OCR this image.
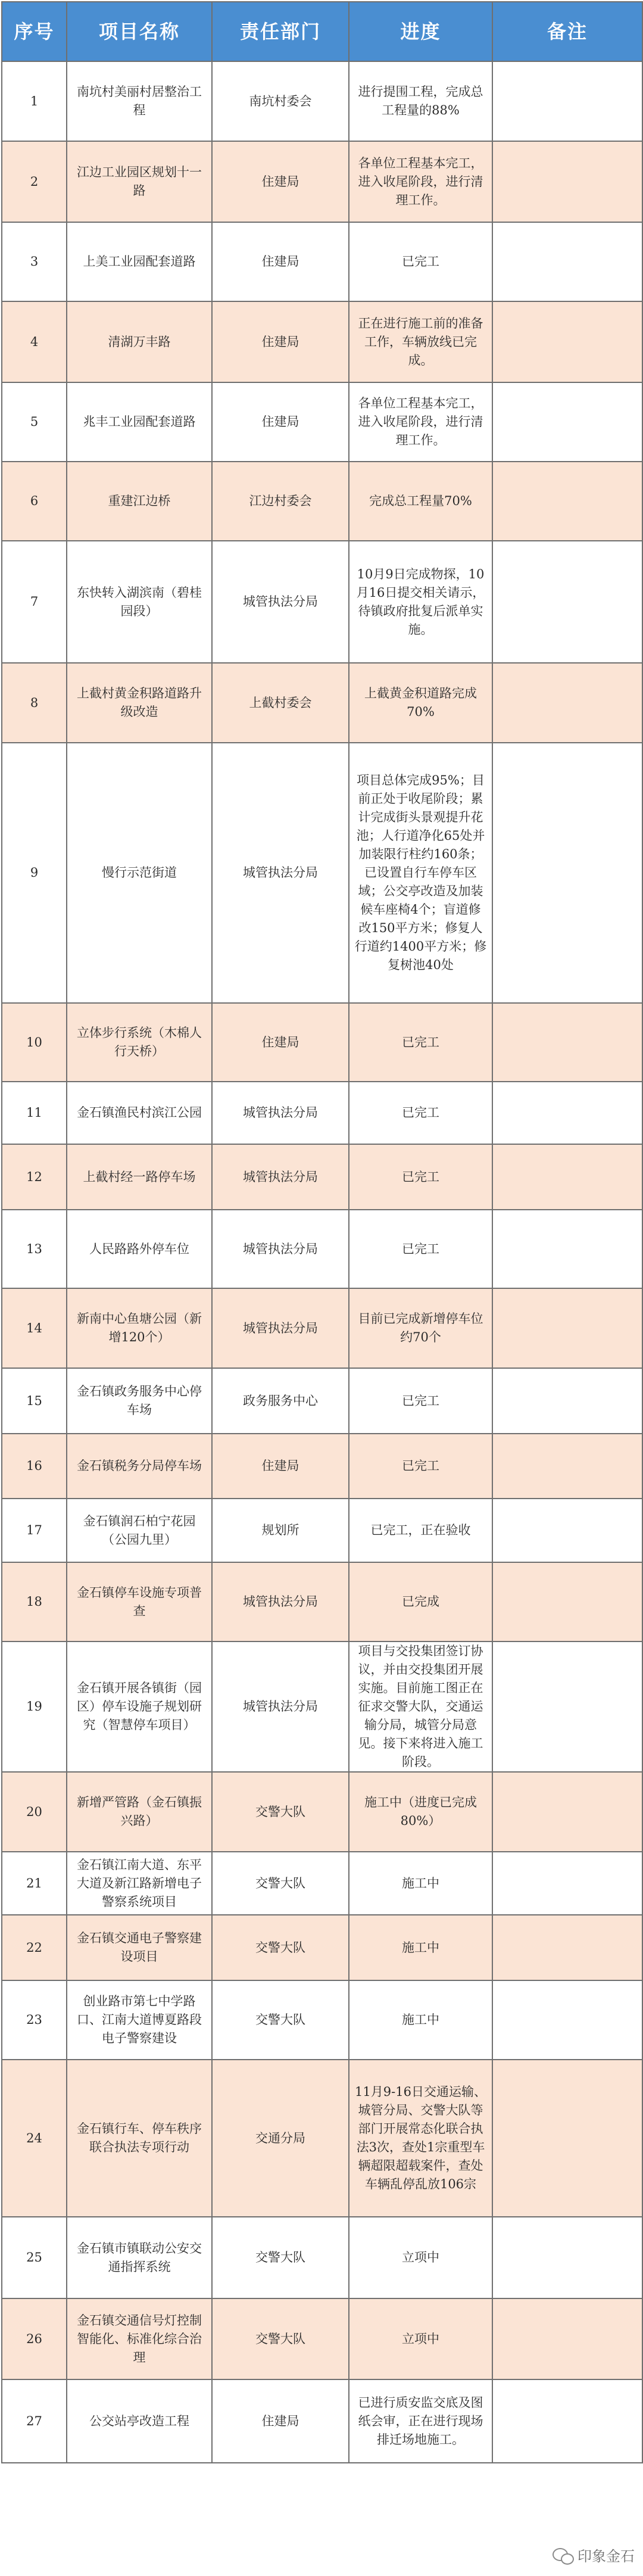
序号	项目名称	责任部门	进度	备注
1	南坑村美丽村居整治工程	南坑村委会	进行提围工程，完成总工程量的88%	
2	江边工业园区规划十一路	住建局	各单位工程基本完工，进入收尾阶段，进行清理工作。	
3	上美工业园配套道路	住建局	已完工	
4	清湖万丰路	住建局	正在进行施工前的准备工作，车辆放线已完成。	
5	兆丰工业园配套道路	住建局	各单位工程基本完工，进入收尾阶段，进行清理工作。	
6	重建江边桥	江边村委会	完成总工程量70%	
7	东快转入湖滨南（碧桂园段）	城管执法分局	10月9日完成物探，10月16日提交相关请示，待镇政府批复后派单实施。	
8	上截村黄金积路道路升级改造	上截村委会	上截黄金积道路完成70%	
9	慢行示范街道	城管执法分局	项目总体完成95%；目前正处于收尾阶段；累计完成街头景观提升花池；人行道净化65处并加装限行柱约160条；已设置自行车停车区域；公交亭改造及加装候车座椅4个；盲道修改150平方米；修复人行道约1400平方米；修复树池40处	
10	立体步行系统（木棉人行天桥）	住建局	已完工	
11	金石镇渔民村滨江公园	城管执法分局	已完工	
12	上截村经一路停车场	城管执法分局	已完工	
13	人民路路外停车位	城管执法分局	已完工	
14	新南中心鱼塘公园（新增120个）	城管执法分局	目前已完成新增停车位约70个	
15	金石镇政务服务中心停车场	政务服务中心	已完工	
16	金石镇税务分局停车场	住建局	已完工	
17	金石镇润石柏宁花园（公园九里）	规划所	已完工，正在验收	
18	金石镇停车设施专项普查	城管执法分局	已完成	
19	金石镇开展各镇街（园区）停车设施子规划研究（智慧停车项目）	城管执法分局	项目与交投集团签订协议，并由交投集团开展实施。目前施工图正在征求交警大队，交通运输分局，城管分局意见。接下来将进入施工阶段。	
20	新增严管路（金石镇振兴路）	交警大队	施工中（进度已完成80%）	
21	金石镇江南大道、东平大道及新江路新增电子警察系统项目	交警大队	施工中	
22	金石镇交通电子警察建设项目	交警大队	施工中	
23	创业路市第七中学路口、江南大道博夏路段电子警察建设	交警大队	施工中	
24	金石镇行车、停车秩序联合执法专项行动	交通分局	11月9-16日交通运输、城管分局、交警大队等部门开展常态化联合执法3次，查处1宗重型车辆超限超载案件，查处车辆乱停乱放106宗	
25	金石镇市镇联动公安交通指挥系统	交警大队	立项中	
26	金石镇交通信号灯控制智能化、标准化综合治理	交警大队	立项中	
27	公交站亭改造工程	住建局	已进行质安监交底及图纸会审，正在进行现场排迁场地施工。	
印象金石
